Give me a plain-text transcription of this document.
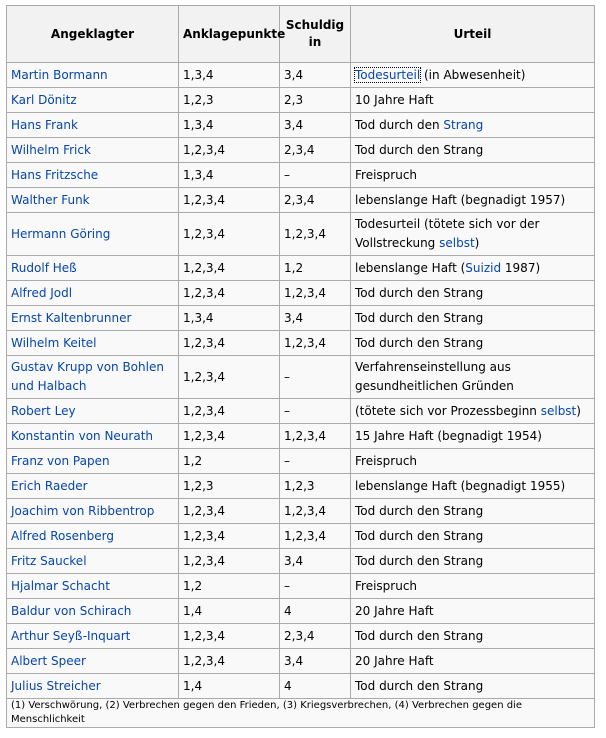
Angeklagter	Anklagepunkte	Schuldig in	Urteil
Martin Bormann	1,3,4	3,4	Todesurteil (in Abwesenheit)
Karl Dönitz	1,2,3	2,3	10 Jahre Haft
Hans Frank	1,3,4	3,4	Tod durch den Strang
Wilhelm Frick	1,2,3,4	2,3,4	Tod durch den Strang
Hans Fritzsche	1,3,4	–	Freispruch
Walther Funk	1,2,3,4	2,3,4	lebenslange Haft (begnadigt 1957)
Hermann Göring	1,2,3,4	1,2,3,4	Todesurteil (tötete sich vor der Vollstreckung selbst)
Rudolf Heß	1,2,3,4	1,2	lebenslange Haft (Suizid 1987)
Alfred Jodl	1,2,3,4	1,2,3,4	Tod durch den Strang
Ernst Kaltenbrunner	1,3,4	3,4	Tod durch den Strang
Wilhelm Keitel	1,2,3,4	1,2,3,4	Tod durch den Strang
Gustav Krupp von Bohlen und Halbach	1,2,3,4	–	Verfahrenseinstellung aus gesundheitlichen Gründen
Robert Ley	1,2,3,4	–	(tötete sich vor Prozessbeginn selbst)
Konstantin von Neurath	1,2,3,4	1,2,3,4	15 Jahre Haft (begnadigt 1954)
Franz von Papen	1,2	–	Freispruch
Erich Raeder	1,2,3	1,2,3	lebenslange Haft (begnadigt 1955)
Joachim von Ribbentrop	1,2,3,4	1,2,3,4	Tod durch den Strang
Alfred Rosenberg	1,2,3,4	1,2,3,4	Tod durch den Strang
Fritz Sauckel	1,2,3,4	3,4	Tod durch den Strang
Hjalmar Schacht	1,2	–	Freispruch
Baldur von Schirach	1,4	4	20 Jahre Haft
Arthur Seyß-Inquart	1,2,3,4	2,3,4	Tod durch den Strang
Albert Speer	1,2,3,4	3,4	20 Jahre Haft
Julius Streicher	1,4	4	Tod durch den Strang
(1) Verschwörung, (2) Verbrechen gegen den Frieden, (3) Kriegsverbrechen, (4) Verbrechen gegen die Menschlichkeit			
